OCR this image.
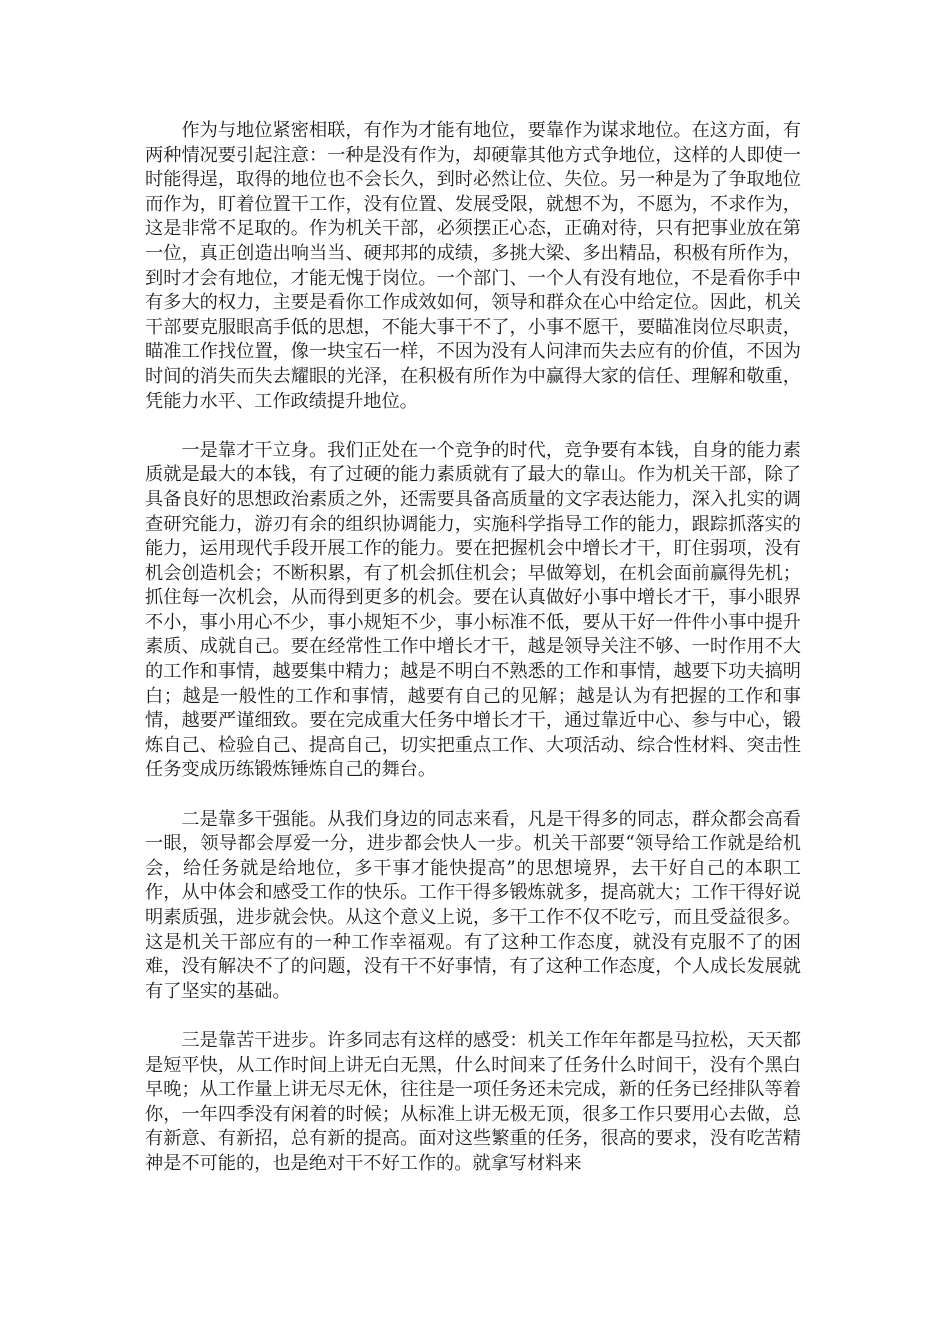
作为与地位紧密相联，有作为才能有地位，要靠作为谋求地位。在这方面，有两种情况要引起注意：一种是没有作为，却硬靠其他方式争地位，这样的人即使一时能得逞，取得的地位也不会长久，到时必然让位、失位。另一种是为了争取地位而作为，盯着位置干工作，没有位置、发展受限，就想不为，不愿为，不求作为，这是非常不足取的。作为机关干部，必须摆正心态，正确对待，只有把事业放在第一位，真正创造出响当当、硬邦邦的成绩，多挑大梁、多出精品，积极有所作为，到时才会有地位，才能无愧于岗位。一个部门、一个人有没有地位，不是看你手中有多大的权力，主要是看你工作成效如何，领导和群众在心中给定位。因此，机关干部要克服眼高手低的思想，不能大事干不了，小事不愿干，要瞄准岗位尽职责，瞄准工作找位置，像一块宝石一样，不因为没有人问津而失去应有的价值，不因为时间的消失而失去耀眼的光泽，在积极有所作为中赢得大家的信任、理解和敬重，凭能力水平、工作政绩提升地位。

一是靠才干立身。我们正处在一个竞争的时代，竞争要有本钱，自身的能力素质就是最大的本钱，有了过硬的能力素质就有了最大的靠山。作为机关干部，除了具备良好的思想政治素质之外，还需要具备高质量的文字表达能力，深入扎实的调查研究能力，游刃有余的组织协调能力，实施科学指导工作的能力，跟踪抓落实的能力，运用现代手段开展工作的能力。要在把握机会中增长才干，盯住弱项，没有机会创造机会；不断积累，有了机会抓住机会；早做筹划，在机会面前赢得先机；抓住每一次机会，从而得到更多的机会。要在认真做好小事中增长才干，事小眼界不小，事小用心不少，事小规矩不少，事小标准不低，要从干好一件件小事中提升素质、成就自己。要在经常性工作中增长才干，越是领导关注不够、一时作用不大的工作和事情，越要集中精力；越是不明白不熟悉的工作和事情，越要下功夫搞明白；越是一般性的工作和事情，越要有自己的见解；越是认为有把握的工作和事情，越要严谨细致。要在完成重大任务中增长才干，通过靠近中心、参与中心，锻炼自己、检验自己、提高自己，切实把重点工作、大项活动、综合性材料、突击性任务变成历练锻炼锤炼自己的舞台。

二是靠多干强能。从我们身边的同志来看，凡是干得多的同志，群众都会高看一眼，领导都会厚爱一分，进步都会快人一步。机关干部要“领导给工作就是给机会，给任务就是给地位，多干事才能快提高”的思想境界，去干好自己的本职工作，从中体会和感受工作的快乐。工作干得多锻炼就多，提高就大；工作干得好说明素质强，进步就会快。从这个意义上说，多干工作不仅不吃亏，而且受益很多。这是机关干部应有的一种工作幸福观。有了这种工作态度，就没有克服不了的困难，没有解决不了的问题，没有干不好事情，有了这种工作态度，个人成长发展就有了坚实的基础。

三是靠苦干进步。许多同志有这样的感受：机关工作年年都是马拉松，天天都是短平快，从工作时间上讲无白无黑，什么时间来了任务什么时间干，没有个黑白早晚；从工作量上讲无尽无休，往往是一项任务还未完成，新的任务已经排队等着你，一年四季没有闲着的时候；从标准上讲无极无顶，很多工作只要用心去做，总有新意、有新招，总有新的提高。面对这些繁重的任务，很高的要求，没有吃苦精神是不可能的，也是绝对干不好工作的。就拿写材料来
